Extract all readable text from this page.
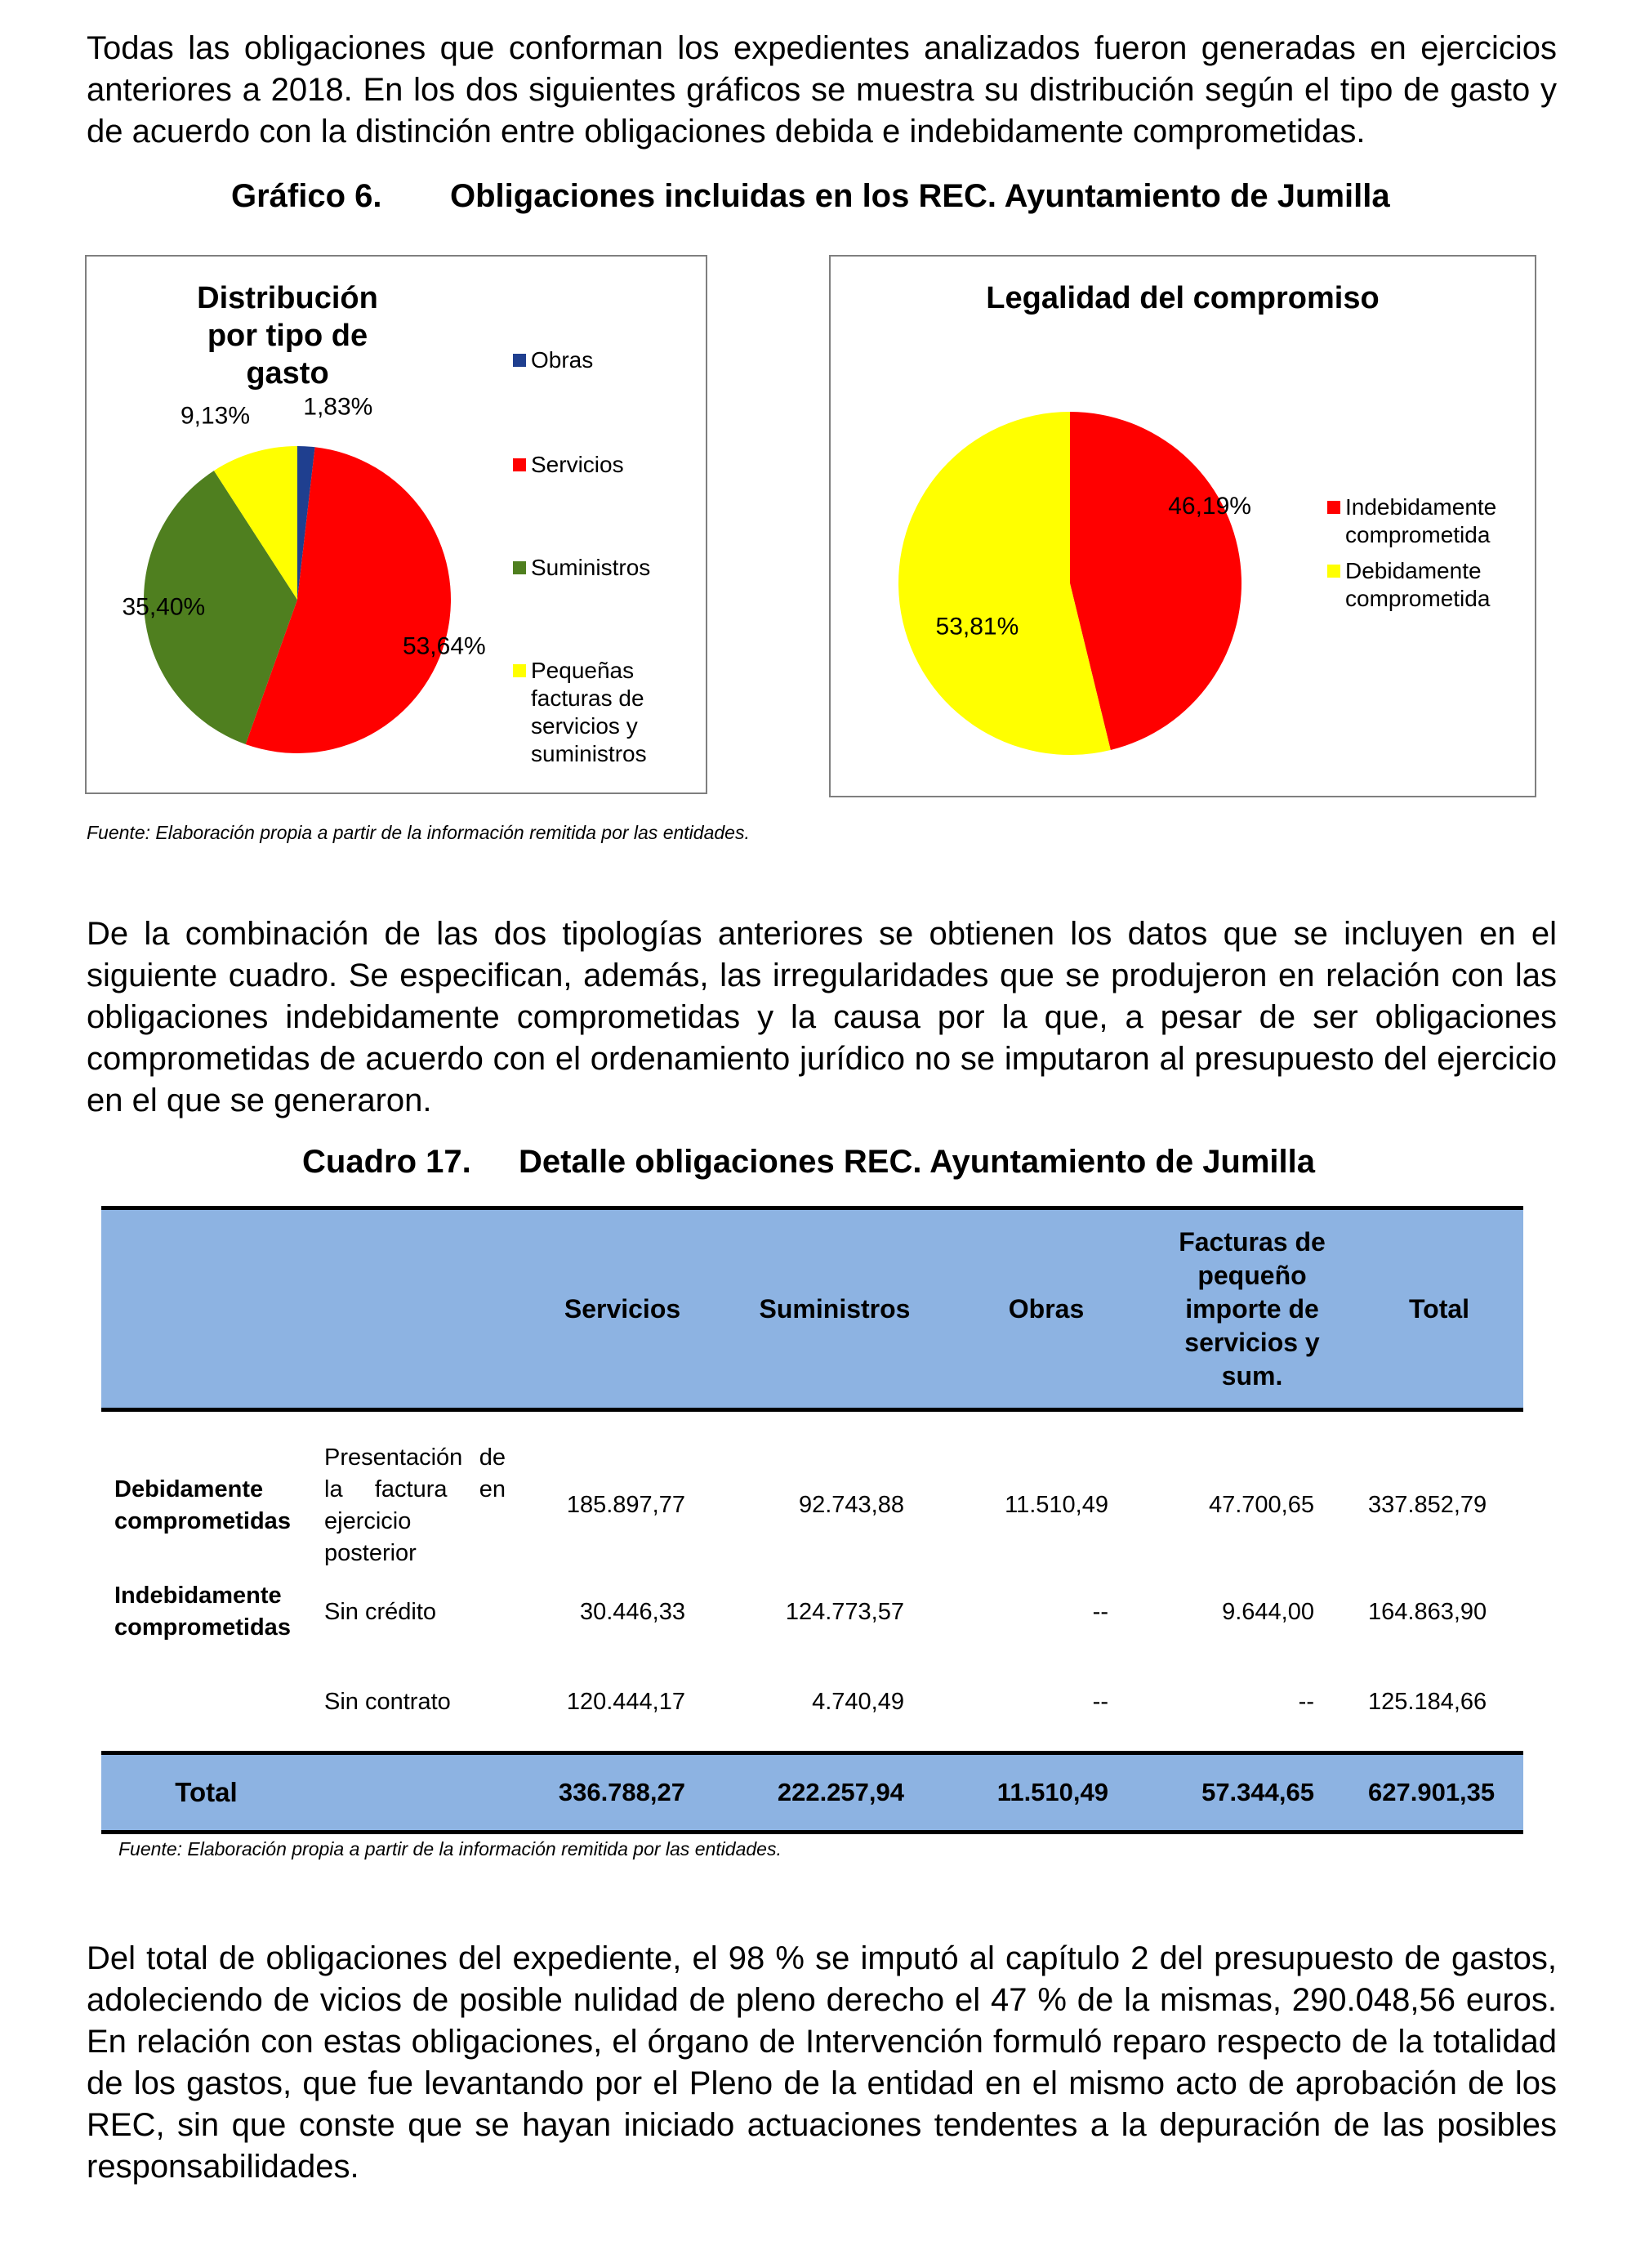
Todas las obligaciones que conforman los expedientes analizados fueron generadas en ejercicios anteriores a 2018. En los dos siguientes gráficos se muestra su distribución según el tipo de gasto y de acuerdo con la distinción entre obligaciones debida e indebidamente comprometidas.

Gráfico 6. Obligaciones incluidas en los REC. Ayuntamiento de Jumilla

1,83%
53,64%
35,40%
9,13%
Distribución por tipo de gasto	Obras
Servicios
Suministros
Pequeñas facturas de servicios y suministros
46,19%
53,81%
Legalidad del compromiso
Indebidamente comprometida
Debidamente comprometida

Fuente: Elaboración propia a partir de la información remitida por las entidades.

De la combinación de las dos tipologías anteriores se obtienen los datos que se incluyen en el siguiente cuadro. Se especifican, además, las irregularidades que se produjeron en relación con las obligaciones indebidamente comprometidas y la causa por la que, a pesar de ser obligaciones comprometidas de acuerdo con el ordenamiento jurídico no se imputaron al presupuesto del ejercicio en el que se generaron.

Cuadro 17. Detalle obligaciones REC. Ayuntamiento de Jumilla

		Servicios	Suministros	Obras	Facturas de pequeño importe de servicios y sum.	Total
Debidamente comprometidas	Presentación de la factura en ejercicio posterior	185.897,77	92.743,88	11.510,49	47.700,65	337.852,79
Indebidamente comprometidas	Sin crédito	30.446,33	124.773,57	--	9.644,00	164.863,90
	Sin contrato	120.444,17	4.740,49	--	--	125.184,66
Total		336.788,27	222.257,94	11.510,49	57.344,65	627.901,35

Fuente: Elaboración propia a partir de la información remitida por las entidades.

Del total de obligaciones del expediente, el 98 % se imputó al capítulo 2 del presupuesto de gastos, adoleciendo de vicios de posible nulidad de pleno derecho el 47 % de la mismas, 290.048,56 euros. En relación con estas obligaciones, el órgano de Intervención formuló reparo respecto de la totalidad de los gastos, que fue levantando por el Pleno de la entidad en el mismo acto de aprobación de los REC, sin que conste que se hayan iniciado actuaciones tendentes a la depuración de las posibles responsabilidades.
